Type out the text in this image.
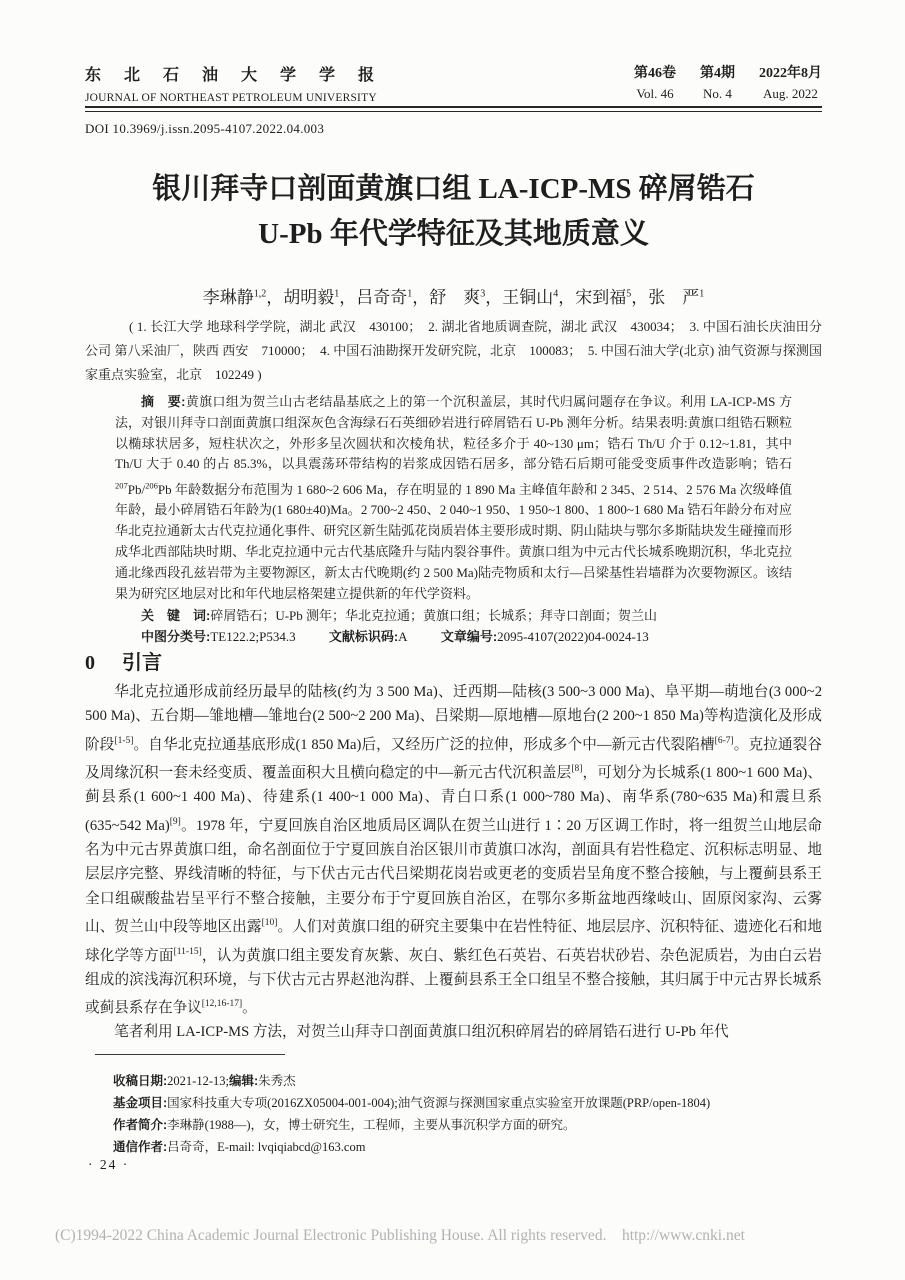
东北石油大学学报
JOURNAL OF NORTHEAST PETROLEUM UNIVERSITY
第46卷 第4期 2022年8月
Vol. 46 No. 4	Aug. 2022
DOI 10.3969/j.issn.2095-4107.2022.04.003
银川拜寺口剖面黄旗口组 LA-ICP-MS 碎屑锆石
U-Pb 年代学特征及其地质意义
李琳静$^{1,2}$，胡明毅$^1$，吕奇奇$^1$，舒　爽$^3$，王铜山$^4$，宋到福$^5$，张　严$^1$
( 1. 长江大学 地球科学学院，湖北 武汉　430100；　2. 湖北省地质调查院，湖北 武汉　430034；　3. 中国石油长庆油田分公司 第八采油厂，陕西 西安　710000；　4. 中国石油勘探开发研究院，北京　100083；　5. 中国石油大学(北京) 油气资源与探测国家重点实验室，北京　102249 )

摘　要:黄旗口组为贺兰山古老结晶基底之上的第一个沉积盖层，其时代归属问题存在争议。利用 LA-ICP-MS 方法，对银川拜寺口剖面黄旗口组深灰色含海绿石石英细砂岩进行碎屑锆石 U-Pb 测年分析。结果表明:黄旗口组锆石颗粒以椭球状居多，短柱状次之，外形多呈次圆状和次棱角状，粒径多介于 40~130 μm；锆石 Th/U 介于 0.12~1.81，其中 Th/U 大于 0.40 的占 85.3%，以具震荡环带结构的岩浆成因锆石居多，部分锆石后期可能受变质事件改造影响；锆石 $^{207}$Pb/$^{206}$Pb 年龄数据分布范围为 1 680~2 606 Ma，存在明显的 1 890 Ma 主峰值年龄和 2 345、2 514、2 576 Ma 次级峰值年龄，最小碎屑锆石年龄为(1 680±40)Ma。2 700~2 450、2 040~1 950、1 950~1 800、1 800~1 680 Ma 锆石年龄分布对应华北克拉通新太古代克拉通化事件、研究区新生陆弧花岗质岩体主要形成时期、阴山陆块与鄂尔多斯陆块发生碰撞而形成华北西部陆块时期、华北克拉通中元古代基底隆升与陆内裂谷事件。黄旗口组为中元古代长城系晚期沉积，华北克拉通北缘西段孔兹岩带为主要物源区，新太古代晚期(约 2 500 Ma)陆壳物质和太行—吕梁基性岩墙群为次要物源区。该结果为研究区地层对比和年代地层格架建立提供新的年代学资料。

关　键　词:碎屑锆石；U-Pb 测年；华北克拉通；黄旗口组；长城系；拜寺口剖面；贺兰山

中图分类号:TE122.2;P534.3	文献标识码:A	文章编号:2095-4107(2022)04-0024-13

0 引言

华北克拉通形成前经历最早的陆核(约为 3 500 Ma)、迁西期—陆核(3 500~3 000 Ma)、阜平期—萌地台(3 000~2 500 Ma)、五台期—雏地槽—雏地台(2 500~2 200 Ma)、吕梁期—原地槽—原地台(2 200~1 850 Ma)等构造演化及形成阶段[1-5]。自华北克拉通基底形成(1 850 Ma)后，又经历广泛的拉伸，形成多个中—新元古代裂陷槽[6-7]。克拉通裂谷及周缘沉积一套未经变质、覆盖面积大且横向稳定的中—新元古代沉积盖层[8]，可划分为长城系(1 800~1 600 Ma)、蓟县系(1 600~1 400 Ma)、待建系(1 400~1 000 Ma)、青白口系(1 000~780 Ma)、南华系(780~635 Ma)和震旦系(635~542 Ma)[9]。1978 年，宁夏回族自治区地质局区调队在贺兰山进行 1∶20 万区调工作时，将一组贺兰山地层命名为中元古界黄旗口组，命名剖面位于宁夏回族自治区银川市黄旗口冰沟，剖面具有岩性稳定、沉积标志明显、地层层序完整、界线清晰的特征，与下伏古元古代吕梁期花岗岩或更老的变质岩呈角度不整合接触，与上覆蓟县系王全口组碳酸盐岩呈平行不整合接触，主要分布于宁夏回族自治区，在鄂尔多斯盆地西缘岐山、固原闵家沟、云雾山、贺兰山中段等地区出露[10]。人们对黄旗口组的研究主要集中在岩性特征、地层层序、沉积特征、遗迹化石和地球化学等方面[11-15]，认为黄旗口组主要发育灰紫、灰白、紫红色石英岩、石英岩状砂岩、杂色泥质岩，为由白云岩组成的滨浅海沉积环境，与下伏古元古界赵池沟群、上覆蓟县系王全口组呈不整合接触，其归属于中元古界长城系或蓟县系存在争议[12,16-17]。

笔者利用 LA-ICP-MS 方法，对贺兰山拜寺口剖面黄旗口组沉积碎屑岩的碎屑锆石进行 U-Pb 年代

收稿日期:2021-12-13;编辑:朱秀杰

基金项目:国家科技重大专项(2016ZX05004-001-004);油气资源与探测国家重点实验室开放课题(PRP/open-1804)

作者简介:李琳静(1988—)，女，博士研究生，工程师，主要从事沉积学方面的研究。

通信作者:吕奇奇，E-mail: lvqiqiabcd@163.com

· 24 ·
(C)1994-2022 China Academic Journal Electronic Publishing House. All rights reserved.    http://www.cnki.net
